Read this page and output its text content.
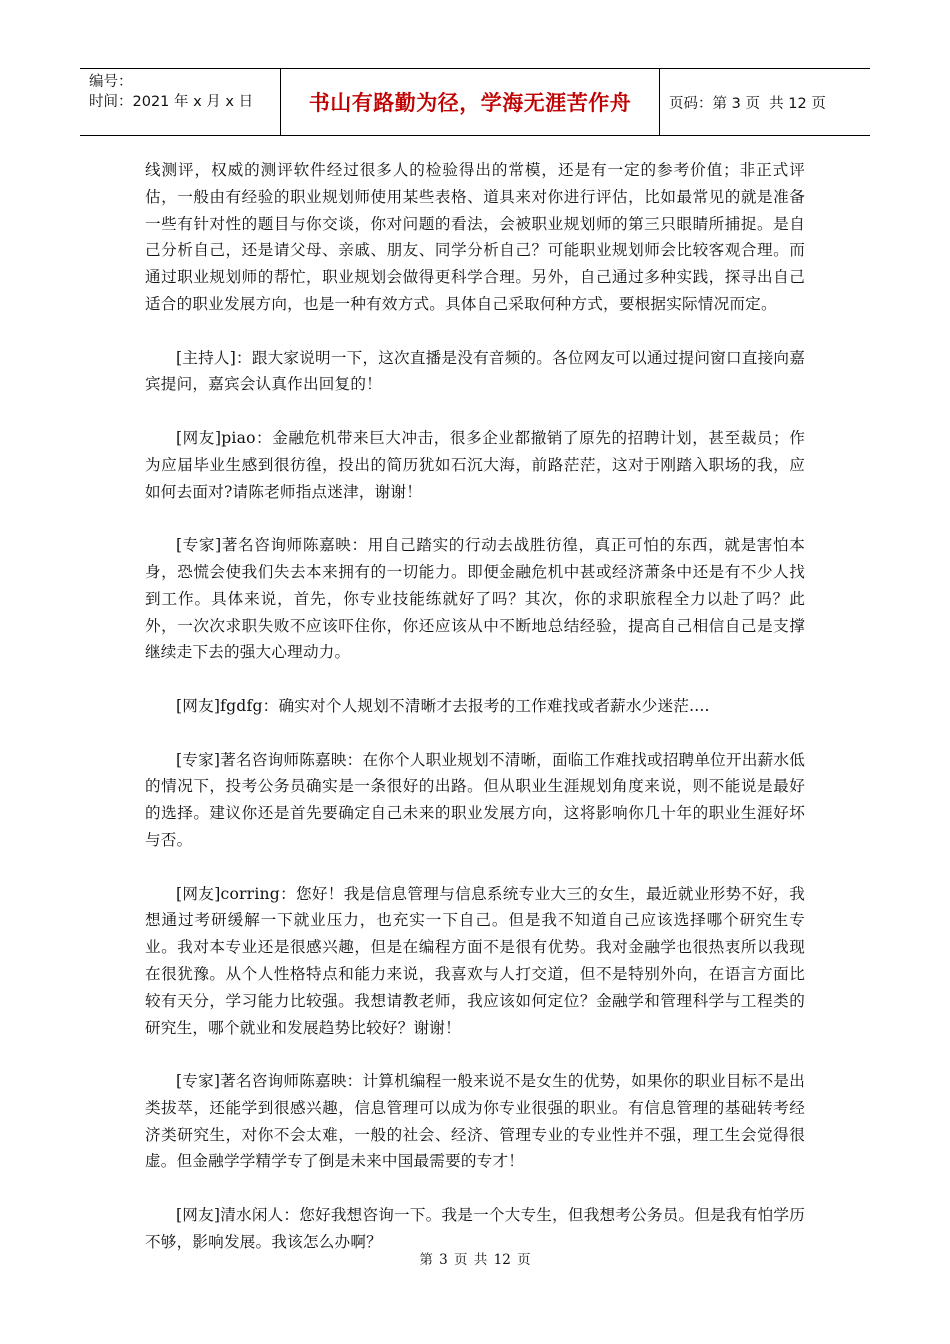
编号：
时间：2021 年 x 月 x 日	书山有路勤为径，学海无涯苦作舟	页码：第 3 页  共 12 页

线测评，权威的测评软件经过很多人的检验得出的常模，还是有一定的参考价值；非正式评估，一般由有经验的职业规划师使用某些表格、道具来对你进行评估，比如最常见的就是准备一些有针对性的题目与你交谈，你对问题的看法，会被职业规划师的第三只眼睛所捕捉。是自己分析自己，还是请父母、亲戚、朋友、同学分析自己？可能职业规划师会比较客观合理。而通过职业规划师的帮忙，职业规划会做得更科学合理。另外，自己通过多种实践，探寻出自己适合的职业发展方向，也是一种有效方式。具体自己采取何种方式，要根据实际情况而定。

[主持人]：跟大家说明一下，这次直播是没有音频的。各位网友可以通过提问窗口直接向嘉宾提问，嘉宾会认真作出回复的！

[网友]piao：金融危机带来巨大冲击，很多企业都撤销了原先的招聘计划，甚至裁员；作为应届毕业生感到很彷徨，投出的简历犹如石沉大海，前路茫茫，这对于刚踏入职场的我，应如何去面对?请陈老师指点迷津，谢谢！

[专家]著名咨询师陈嘉映：用自己踏实的行动去战胜彷徨，真正可怕的东西，就是害怕本身，恐慌会使我们失去本来拥有的一切能力。即便金融危机中甚或经济萧条中还是有不少人找到工作。具体来说，首先，你专业技能练就好了吗？其次，你的求职旅程全力以赴了吗？此外，一次次求职失败不应该吓住你，你还应该从中不断地总结经验，提高自己相信自己是支撑继续走下去的强大心理动力。

[网友]fgdfg：确实对个人规划不清晰才去报考的工作难找或者薪水少迷茫....

[专家]著名咨询师陈嘉映：在你个人职业规划不清晰，面临工作难找或招聘单位开出薪水低的情况下，投考公务员确实是一条很好的出路。但从职业生涯规划角度来说，则不能说是最好的选择。建议你还是首先要确定自己未来的职业发展方向，这将影响你几十年的职业生涯好坏与否。

[网友]corring：您好！我是信息管理与信息系统专业大三的女生，最近就业形势不好，我想通过考研缓解一下就业压力，也充实一下自己。但是我不知道自己应该选择哪个研究生专业。我对本专业还是很感兴趣，但是在编程方面不是很有优势。我对金融学也很热衷所以我现在很犹豫。从个人性格特点和能力来说，我喜欢与人打交道，但不是特别外向，在语言方面比较有天分，学习能力比较强。我想请教老师，我应该如何定位？金融学和管理科学与工程类的研究生，哪个就业和发展趋势比较好？谢谢！

[专家]著名咨询师陈嘉映：计算机编程一般来说不是女生的优势，如果你的职业目标不是出类拔萃，还能学到很感兴趣，信息管理可以成为你专业很强的职业。有信息管理的基础转考经济类研究生，对你不会太难，一般的社会、经济、管理专业的专业性并不强，理工生会觉得很虚。但金融学学精学专了倒是未来中国最需要的专才！

[网友]清水闲人：您好我想咨询一下。我是一个大专生，但我想考公务员。但是我有怕学历不够，影响发展。我该怎么办啊？

第 3 页 共 12 页
